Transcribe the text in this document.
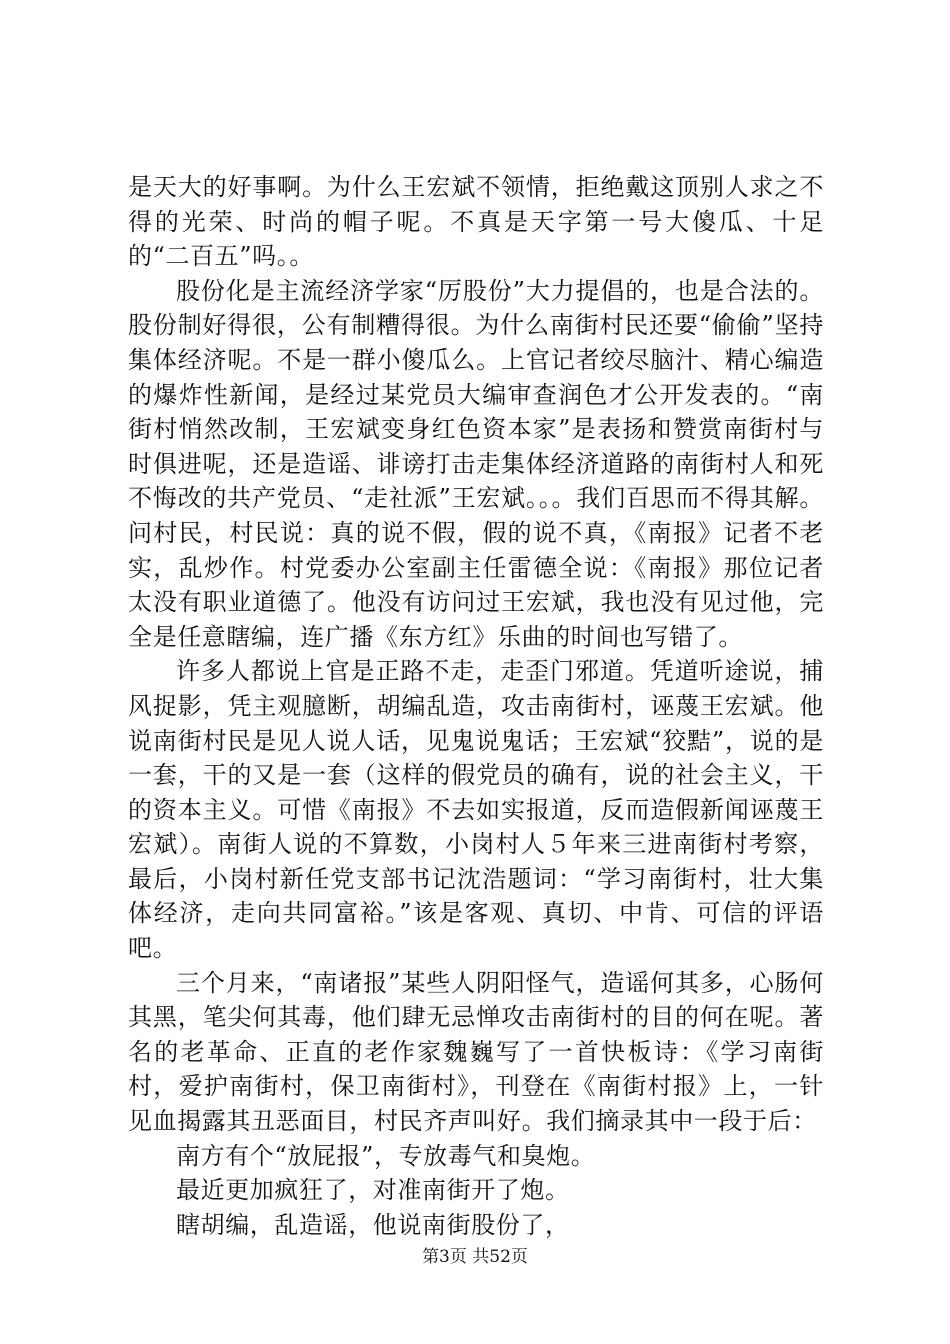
是天大的好事啊。为什么王宏斌不领情，拒绝戴这顶别人求之不得的光荣、时尚的帽子呢。不真是天字第一号大傻瓜、十足的“二百五”吗。。

股份化是主流经济学家“厉股份”大力提倡的，也是合法的。股份制好得很，公有制糟得很。为什么南街村民还要“偷偷”坚持集体经济呢。不是一群小傻瓜么。上官记者绞尽脑汁、精心编造的爆炸性新闻，是经过某党员大编审查润色才公开发表的。“南街村悄然改制，王宏斌变身红色资本家”是表扬和赞赏南街村与时俱进呢，还是造谣、诽谤打击走集体经济道路的南街村人和死不悔改的共产党员、“走社派”王宏斌。。。我们百思而不得其解。问村民，村民说：真的说不假，假的说不真，《南报》记者不老实，乱炒作。村党委办公室副主任雷德全说：《南报》那位记者太没有职业道德了。他没有访问过王宏斌，我也没有见过他，完全是任意瞎编，连广播《东方红》乐曲的时间也写错了。

许多人都说上官是正路不走，走歪门邪道。凭道听途说，捕风捉影，凭主观臆断，胡编乱造，攻击南街村，诬蔑王宏斌。他说南街村民是见人说人话，见鬼说鬼话；王宏斌“狡黠”，说的是一套，干的又是一套（这样的假党员的确有，说的社会主义，干的资本主义。可惜《南报》不去如实报道，反而造假新闻诬蔑王宏斌）。南街人说的不算数，小岗村人５年来三进南街村考察，最后，小岗村新任党支部书记沈浩题词：“学习南街村，壮大集体经济，走向共同富裕。”该是客观、真切、中肯、可信的评语吧。

三个月来，“南诸报”某些人阴阳怪气，造谣何其多，心肠何其黑，笔尖何其毒，他们肆无忌惮攻击南街村的目的何在呢。著名的老革命、正直的老作家魏巍写了一首快板诗：《学习南街村，爱护南街村，保卫南街村》，刊登在《南街村报》上，一针见血揭露其丑恶面目，村民齐声叫好。我们摘录其中一段于后：

南方有个“放屁报”，专放毒气和臭炮。

最近更加疯狂了，对准南街开了炮。

瞎胡编，乱造谣，他说南街股份了，

第3页 共52页
